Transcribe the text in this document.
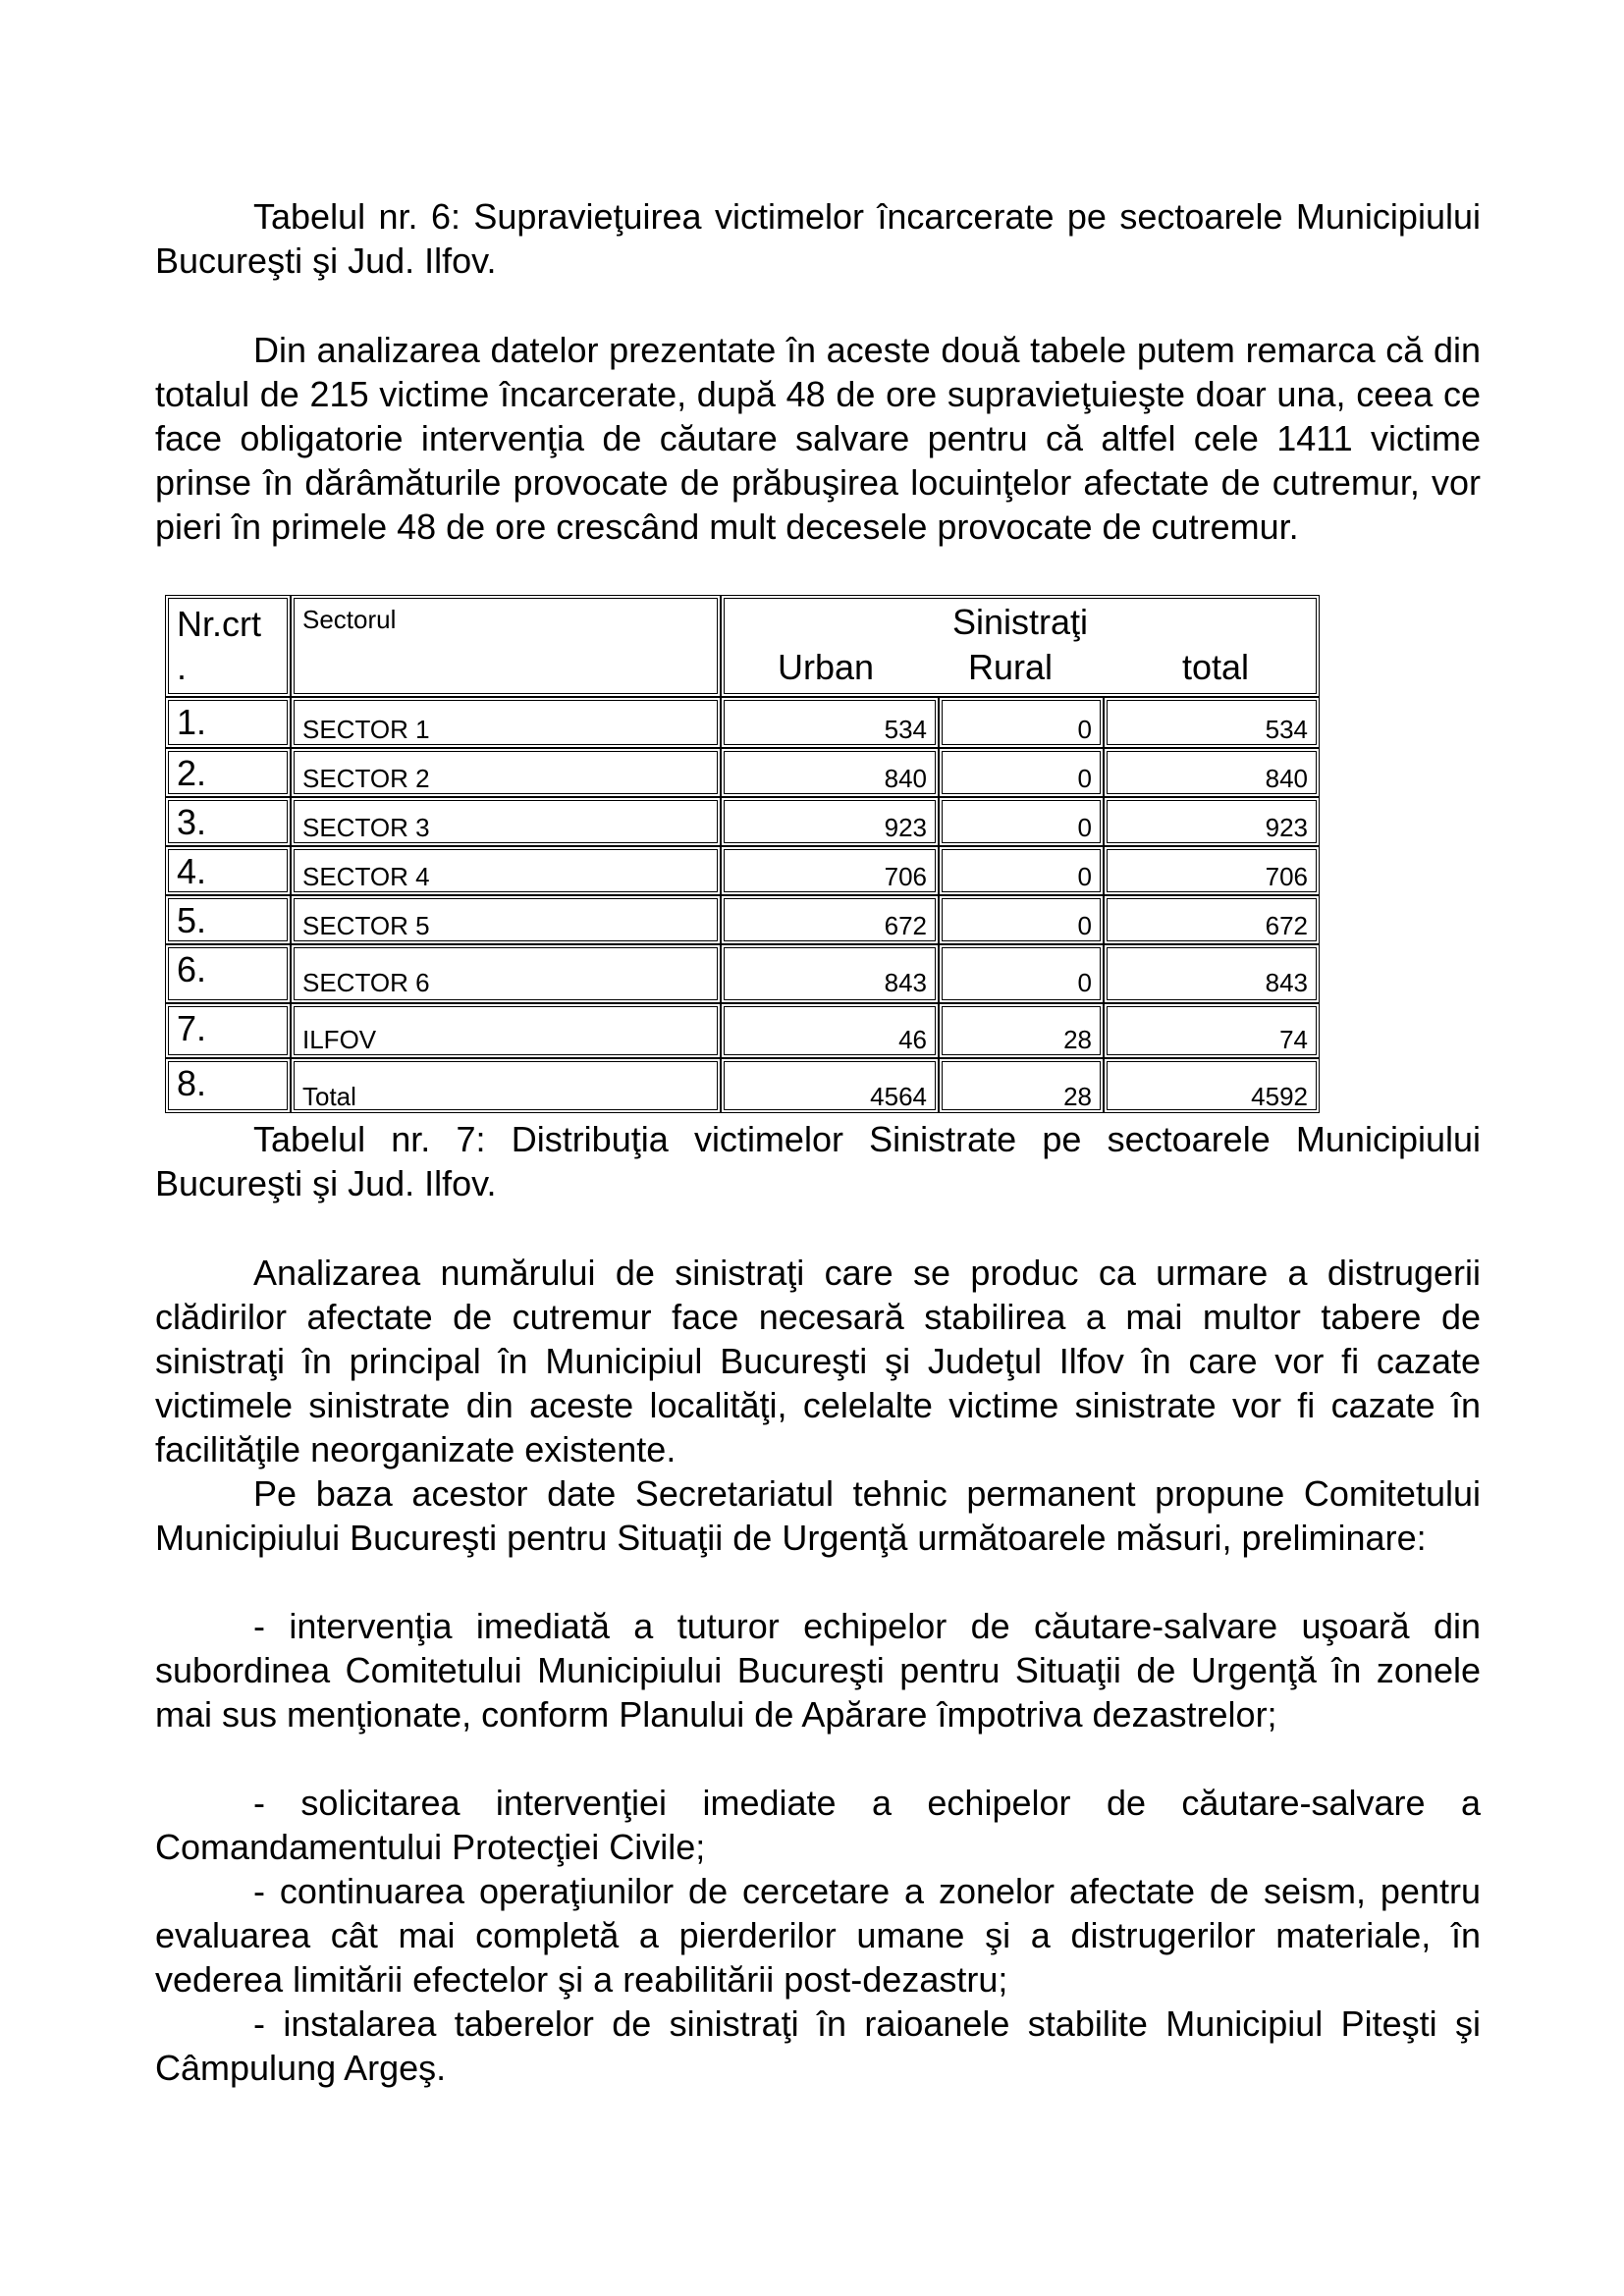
Tabelul nr. 6: Supravieţuirea victimelor încarcerate pe sectoarele Municipiului Bucureşti şi Jud. Ilfov.

Din analizarea datelor prezentate în aceste două tabele putem remarca că din totalul de 215 victime încarcerate, după 48 de ore supravieţuieşte doar una, ceea ce face obligatorie intervenţia de căutare salvare pentru că altfel cele 1411 victime prinse în dărâmăturile provocate de prăbuşirea locuinţelor afectate de cutremur, vor pieri în primele 48 de ore crescând mult decesele provocate de cutremur.

Nr.crt
.
Sectorul	Sinistraţi
Urban	Rural	total
1.	SECTOR 1	534	0	534
2.	SECTOR 2	840	0	840
3.	SECTOR 3	923	0	923
4.	SECTOR 4	706	0	706
5.	SECTOR 5	672	0	672
6.	SECTOR 6	843	0	843
7.	ILFOV	46	28	74
8.	Total	4564	28	4592

Tabelul nr. 7: Distribuţia victimelor Sinistrate pe sectoarele Municipiului Bucureşti şi Jud. Ilfov.

Analizarea numărului de sinistraţi care se produc ca urmare a distrugerii clădirilor afectate de cutremur face necesară stabilirea a mai multor tabere de sinistraţi în principal în Municipiul Bucureşti şi Judeţul Ilfov în care vor fi cazate victimele sinistrate din aceste localităţi, celelalte victime sinistrate vor fi cazate în facilităţile neorganizate existente.

Pe baza acestor date Secretariatul tehnic permanent propune Comitetului Municipiului Bucureşti pentru Situaţii de Urgenţă următoarele măsuri, preliminare:

- intervenţia imediată a tuturor echipelor de căutare-salvare uşoară din subordinea Comitetului Municipiului Bucureşti pentru Situaţii de Urgenţă în zonele mai sus menţionate, conform Planului de Apărare împotriva dezastrelor;

- solicitarea intervenţiei imediate a echipelor de căutare-salvare a Comandamentului Protecţiei Civile;

- continuarea operaţiunilor de cercetare a zonelor afectate de seism, pentru evaluarea cât mai completă a pierderilor umane şi a distrugerilor materiale, în vederea limitării efectelor şi a reabilitării post-dezastru;

- instalarea taberelor de sinistraţi în raioanele stabilite Municipiul Piteşti şi Câmpulung Argeş.
